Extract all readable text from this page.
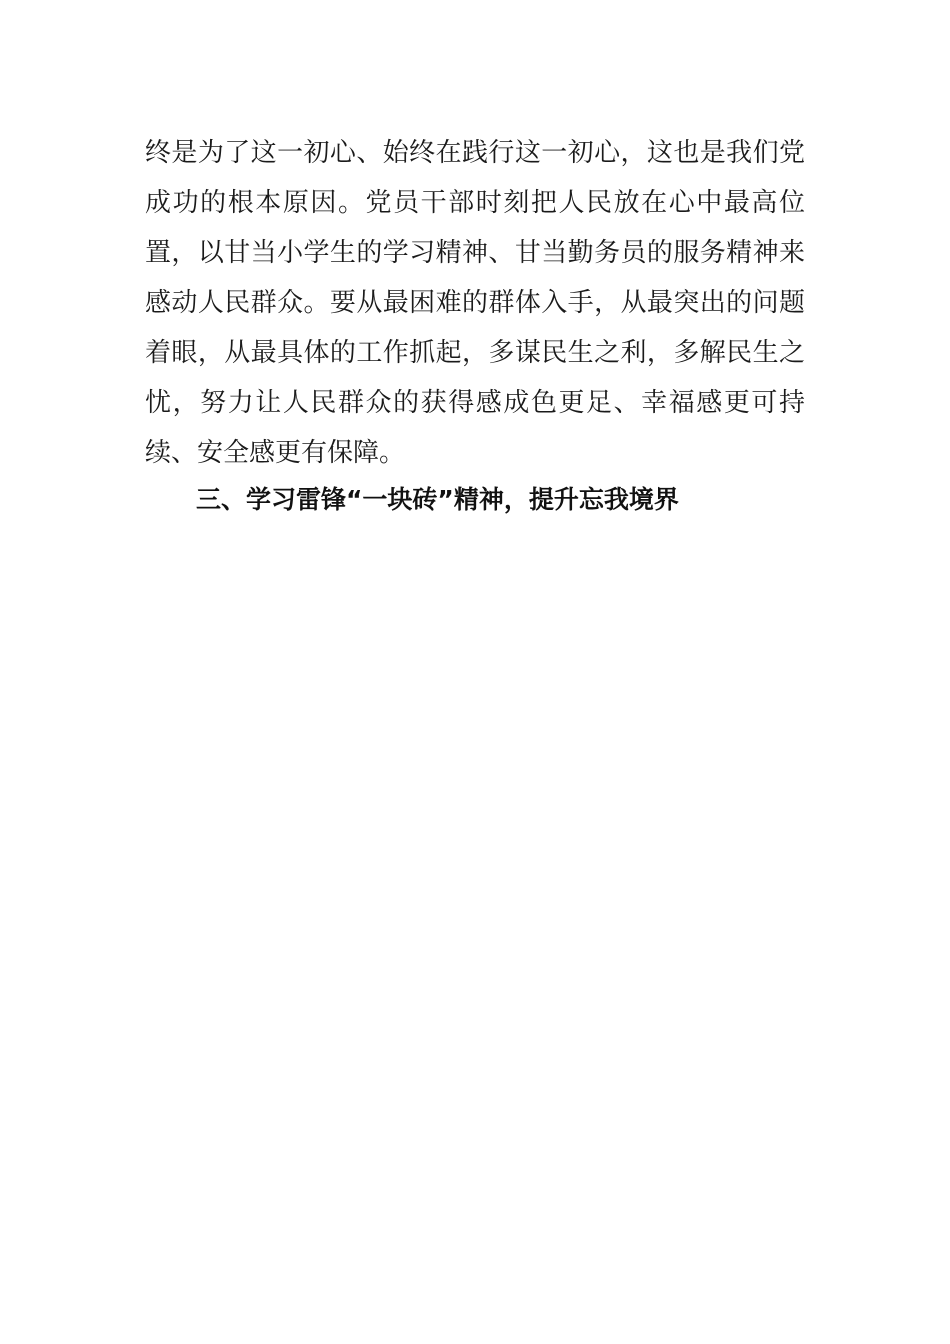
终是为了这一初心、始终在践行这一初心，这也是我们党
成功的根本原因。党员干部时刻把人民放在心中最高位
置，以甘当小学生的学习精神、甘当勤务员的服务精神来
感动人民群众。要从最困难的群体入手，从最突出的问题
着眼，从最具体的工作抓起，多谋民生之利，多解民生之
忧，努力让人民群众的获得感成色更足、幸福感更可持
续、安全感更有保障。
三、学习雷锋“一块砖”精神，提升忘我境界
